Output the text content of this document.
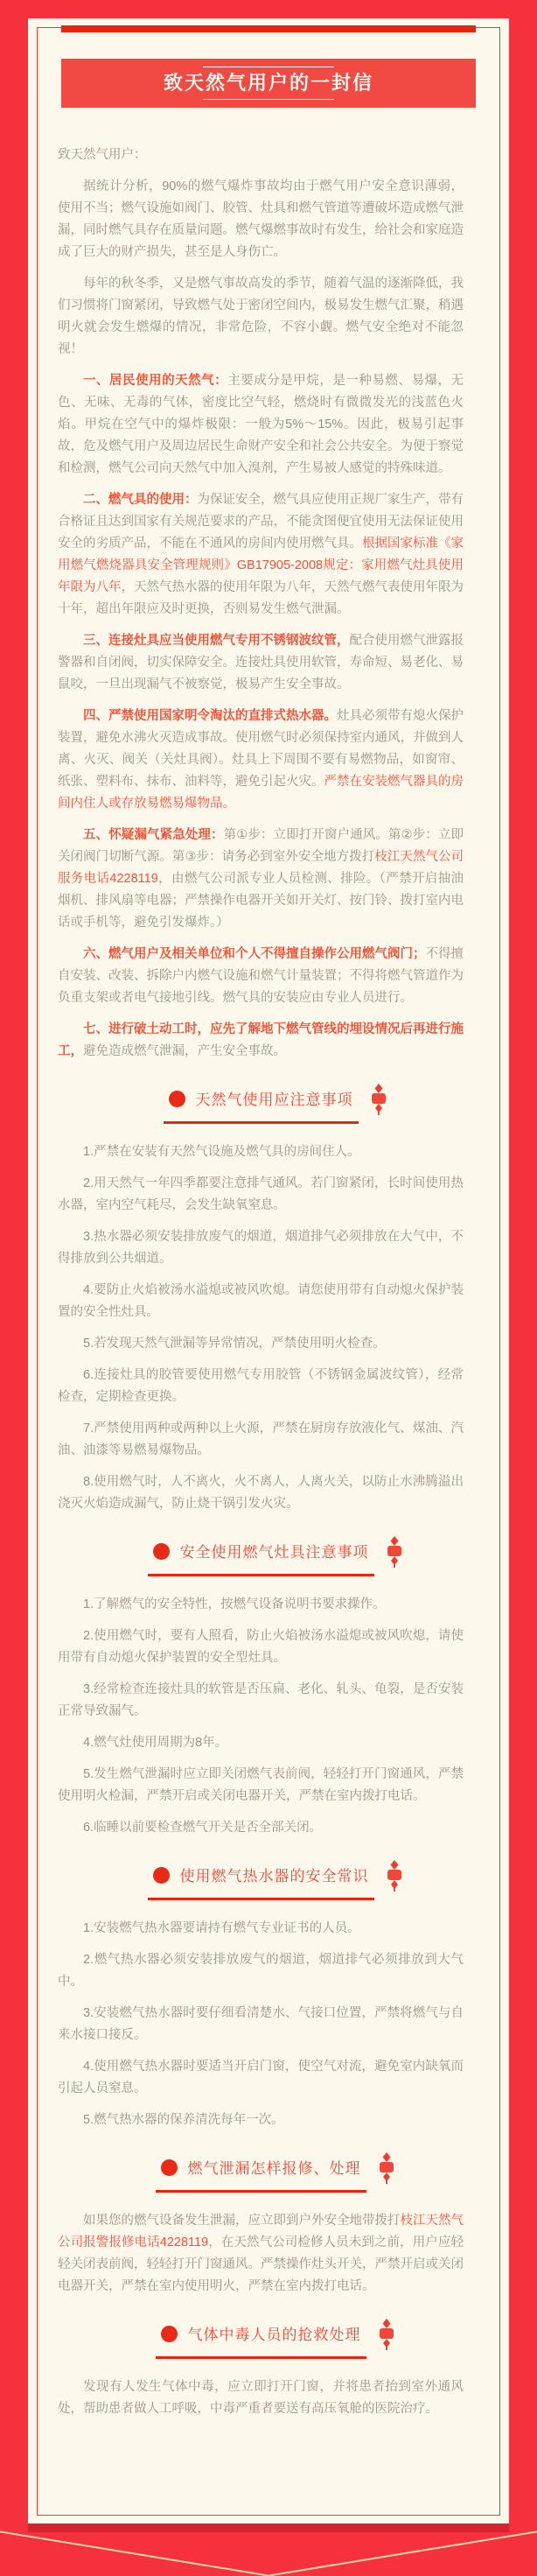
致天然气用户的一封信

致天然气用户：

据统计分析，90%的燃气爆炸事故均由于燃气用户安全意识薄弱，使用不当；燃气设施如阀门、胶管、灶具和燃气管道等遭破坏造成燃气泄漏，同时燃气具存在质量问题。燃气爆燃事故时有发生，给社会和家庭造成了巨大的财产损失，甚至是人身伤亡。

每年的秋冬季，又是燃气事故高发的季节，随着气温的逐渐降低，我们习惯将门窗紧闭，导致燃气处于密闭空间内，极易发生燃气汇聚，稍遇明火就会发生燃爆的情况，非常危险，不容小觑。燃气安全绝对不能忽视！

一、居民使用的天然气：主要成分是甲烷，是一种易燃、易爆，无色、无味、无毒的气体，密度比空气轻，燃烧时有微微发光的浅蓝色火焰。甲烷在空气中的爆炸极限：一般为5%～15%。因此，极易引起事故，危及燃气用户及周边居民生命财产安全和社会公共安全。为便于察觉和检测，燃气公司向天然气中加入溴剂，产生易被人感觉的特殊味道。

二、燃气具的使用：为保证安全，燃气具应使用正规厂家生产，带有合格证且达到国家有关规范要求的产品，不能贪图便宜使用无法保证使用安全的劣质产品，不能在不通风的房间内使用燃气具。根据国家标准《家用燃气燃烧器具安全管理规则》GB17905-2008规定：家用燃气灶具使用年限为八年，天然气热水器的使用年限为八年，天然气燃气表使用年限为十年，超出年限应及时更换，否则易发生燃气泄漏。

三、连接灶具应当使用燃气专用不锈钢波纹管，配合使用燃气泄露报警器和自闭阀，切实保障安全。连接灶具使用软管，寿命短、易老化、易鼠咬，一旦出现漏气不被察觉，极易产生安全事故。

四、严禁使用国家明令淘汰的直排式热水器。灶具必须带有熄火保护装置，避免水沸火灭造成事故。使用燃气时必须保持室内通风，并做到人离、火灭、阀关（关灶具阀）。灶具上下周围不要有易燃物品，如窗帘、纸张、塑料布、抹布、油料等，避免引起火灾。严禁在安装燃气器具的房间内住人或存放易燃易爆物品。

五、怀疑漏气紧急处理：第①步：立即打开窗户通风。第②步：立即关闭阀门切断气源。第③步：请务必到室外安全地方拨打枝江天然气公司服务电话4228119，由燃气公司派专业人员检测、排险。（严禁开启抽油烟机、排风扇等电器；严禁操作电器开关如开关灯、按门铃、拨打室内电话或手机等，避免引发爆炸。）

六、燃气用户及相关单位和个人不得擅自操作公用燃气阀门；不得擅自安装、改装、拆除户内燃气设施和燃气计量装置；不得将燃气管道作为负重支架或者电气接地引线。燃气具的安装应由专业人员进行。

七、进行破土动工时，应先了解地下燃气管线的埋设情况后再进行施工，避免造成燃气泄漏，产生安全事故。

天然气使用应注意事项

1.严禁在安装有天然气设施及燃气具的房间住人。

2.用天然气一年四季都要注意排气通风。若门窗紧闭，长时间使用热水器，室内空气耗尽，会发生缺氧窒息。

3.热水器必须安装排放废气的烟道，烟道排气必须排放在大气中，不得排放到公共烟道。

4.要防止火焰被汤水溢熄或被风吹熄。请您使用带有自动熄火保护装置的安全性灶具。

5.若发现天然气泄漏等异常情况，严禁使用明火检查。

6.连接灶具的胶管要使用燃气专用胶管（不锈钢金属波纹管），经常检查，定期检查更换。

7.严禁使用两种或两种以上火源，严禁在厨房存放液化气、煤油、汽油、油漆等易燃易爆物品。

8.使用燃气时，人不离火，火不离人，人离火关，以防止水沸腾溢出浇灭火焰造成漏气，防止烧干锅引发火灾。

安全使用燃气灶具注意事项

1.了解燃气的安全特性，按燃气设备说明书要求操作。

2.使用燃气时，要有人照看，防止火焰被汤水溢熄或被风吹熄，请使用带有自动熄火保护装置的安全型灶具。

3.经常检查连接灶具的软管是否压扁、老化、轧头、龟裂，是否安装正常导致漏气。

4.燃气灶使用周期为8年。

5.发生燃气泄漏时应立即关闭燃气表前阀，轻轻打开门窗通风，严禁使用明火检漏，严禁开启或关闭电器开关，严禁在室内拨打电话。

6.临睡以前要检查燃气开关是否全部关闭。

使用燃气热水器的安全常识

1.安装燃气热水器要请持有燃气专业证书的人员。

2.燃气热水器必须安装排放废气的烟道，烟道排气必须排放到大气中。

3.安装燃气热水器时要仔细看清楚水、气接口位置，严禁将燃气与自来水接口接反。

4.使用燃气热水器时要适当开启门窗，使空气对流，避免室内缺氧而引起人员窒息。

5.燃气热水器的保养清洗每年一次。

燃气泄漏怎样报修、处理

如果您的燃气设备发生泄漏，应立即到户外安全地带拨打枝江天然气公司报警报修电话4228119，在天然气公司检修人员未到之前，用户应轻轻关闭表前阀，轻轻打开门窗通风。严禁操作灶头开关，严禁开启或关闭电器开关，严禁在室内使用明火，严禁在室内拨打电话。

气体中毒人员的抢救处理

发现有人发生气体中毒，应立即打开门窗，并将患者抬到室外通风处，帮助患者做人工呼吸，中毒严重者要送有高压氧舱的医院治疗。
